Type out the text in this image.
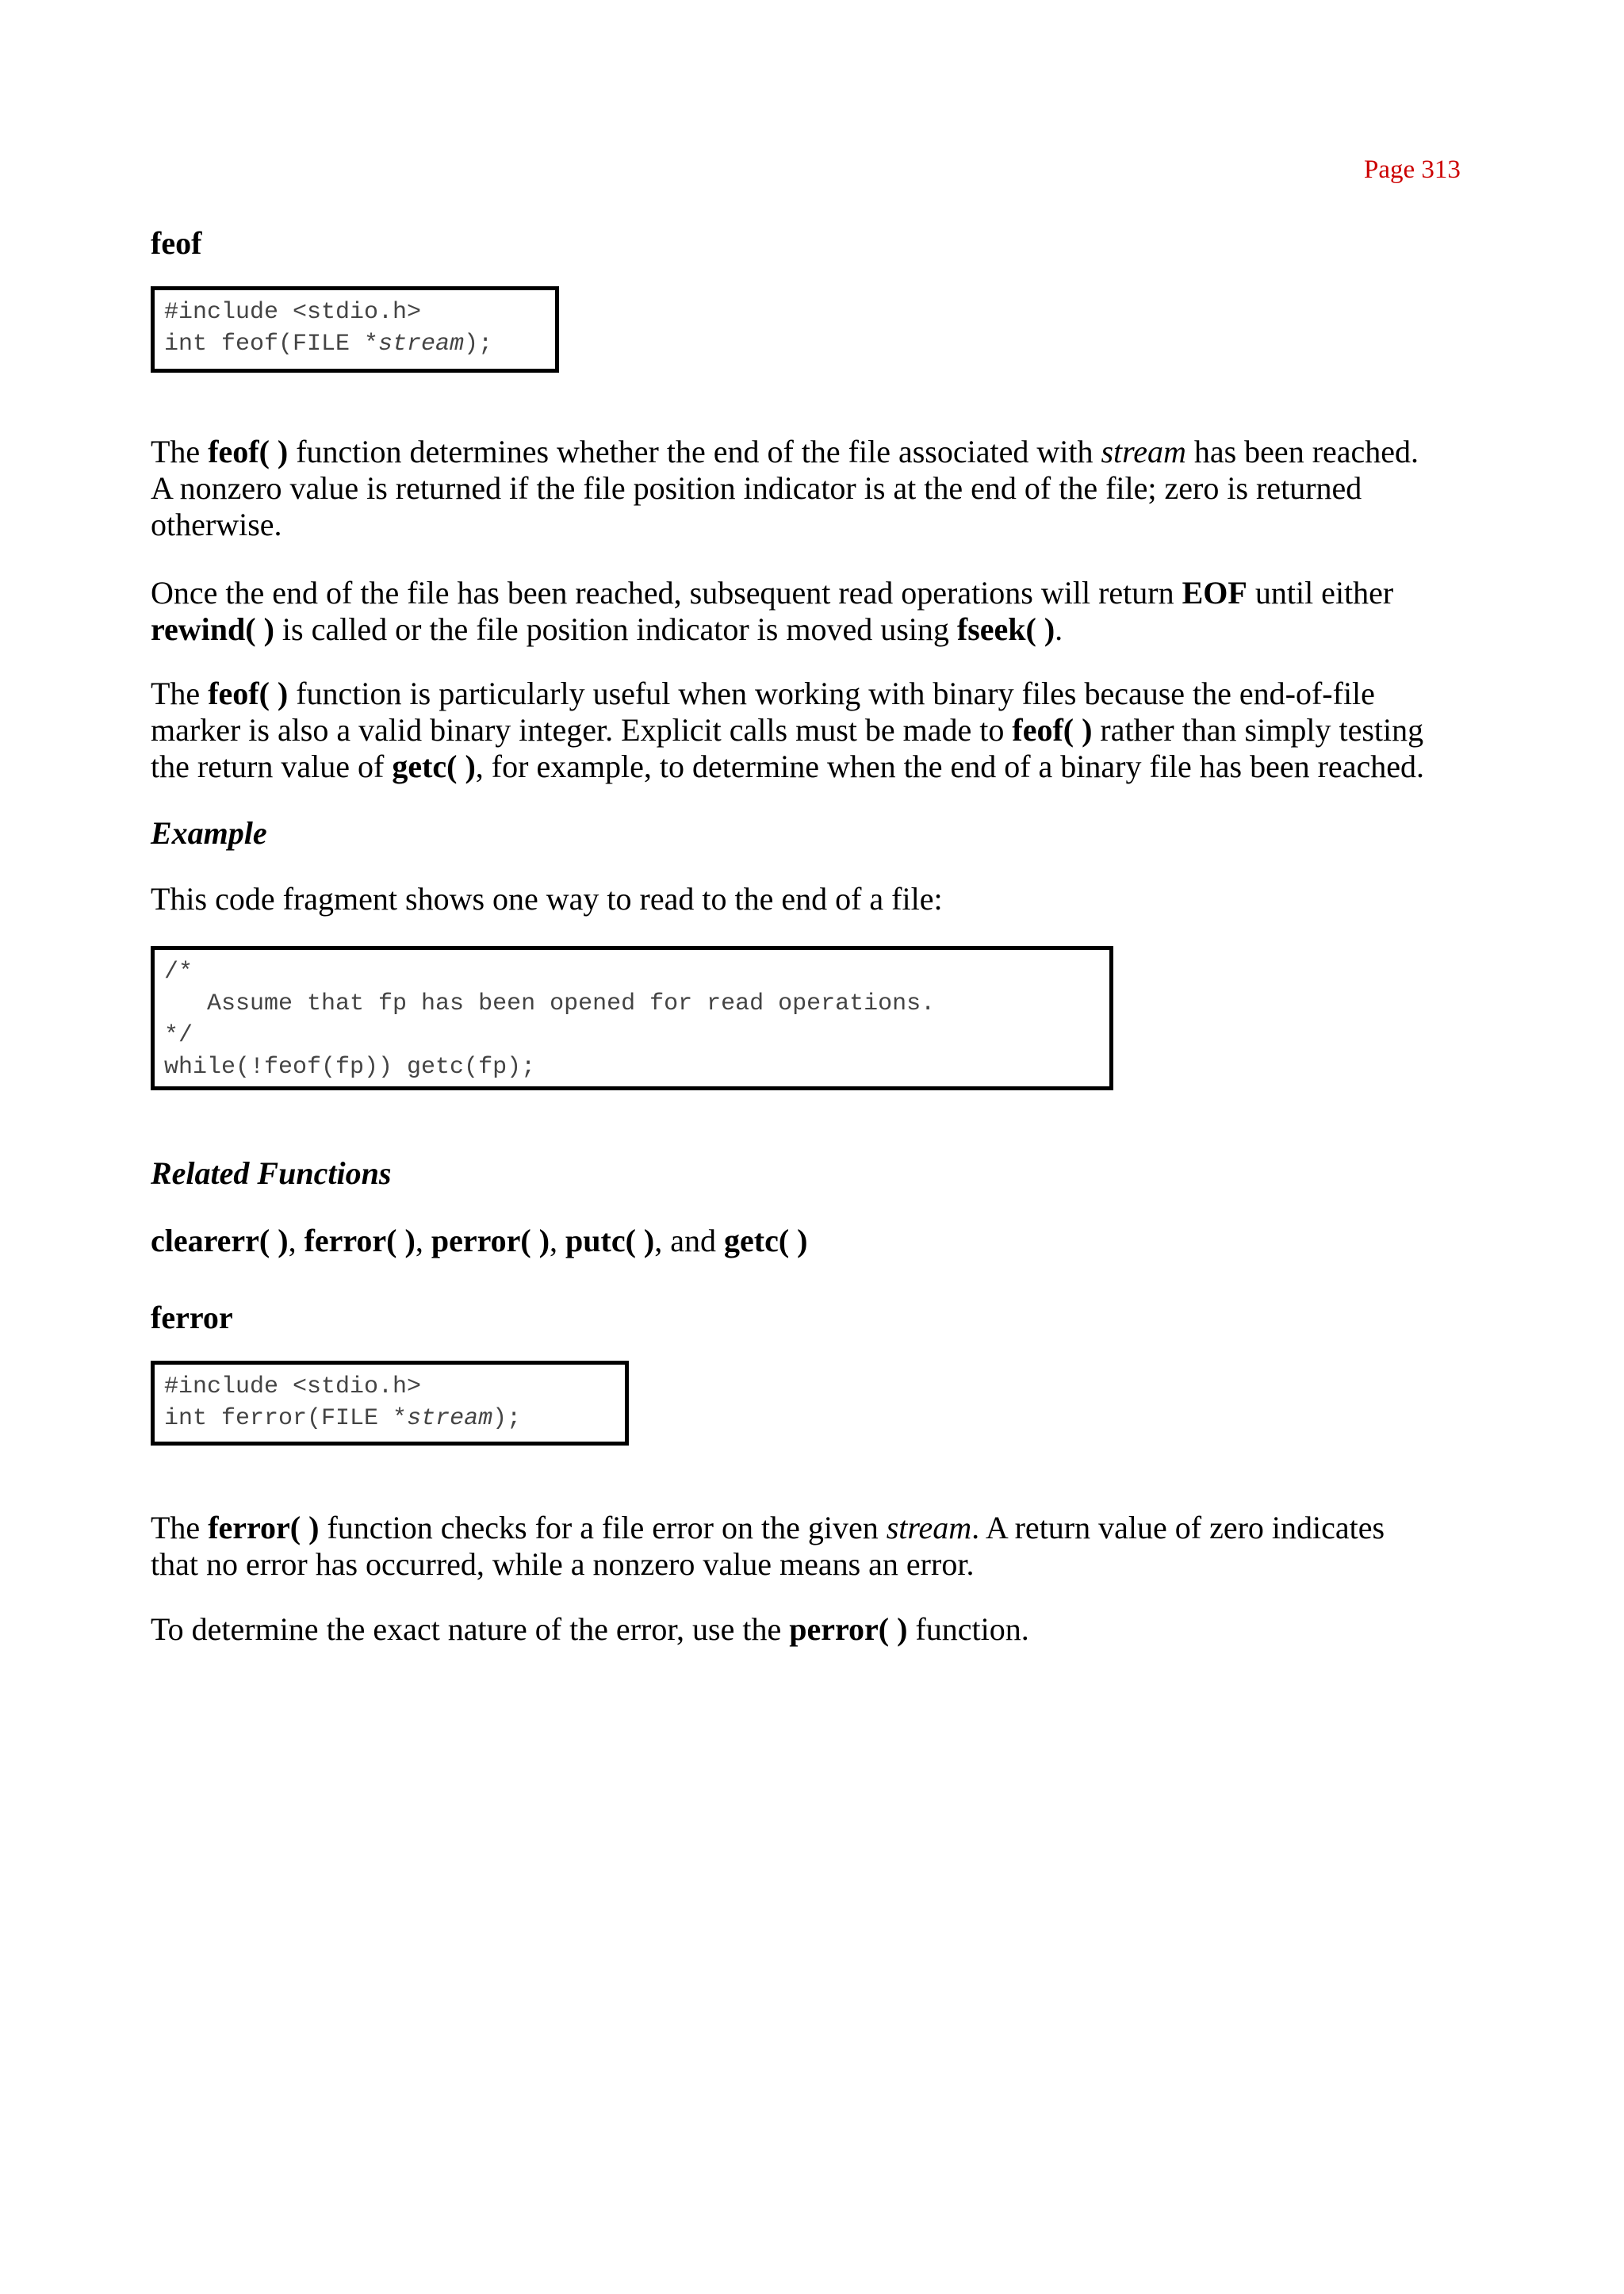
Page 313
feof
#include <stdio.h>
int feof(FILE *stream);
The feof( ) function determines whether the end of the file associated with stream has been reached.
A nonzero value is returned if the file position indicator is at the end of the file; zero is returned
otherwise.
Once the end of the file has been reached, subsequent read operations will return EOF until either
rewind( ) is called or the file position indicator is moved using fseek( ).
The feof( ) function is particularly useful when working with binary files because the end-of-file
marker is also a valid binary integer. Explicit calls must be made to feof( ) rather than simply testing
the return value of getc( ), for example, to determine when the end of a binary file has been reached.
Example
This code fragment shows one way to read to the end of a file:
/*
Assume that fp has been opened for read operations.
*/
while(!feof(fp)) getc(fp);
Related Functions
clearerr( ), ferror( ), perror( ), putc( ), and getc( )
ferror
#include <stdio.h>
int ferror(FILE *stream);
The ferror( ) function checks for a file error on the given stream. A return value of zero indicates
that no error has occurred, while a nonzero value means an error.
To determine the exact nature of the error, use the perror( ) function.
